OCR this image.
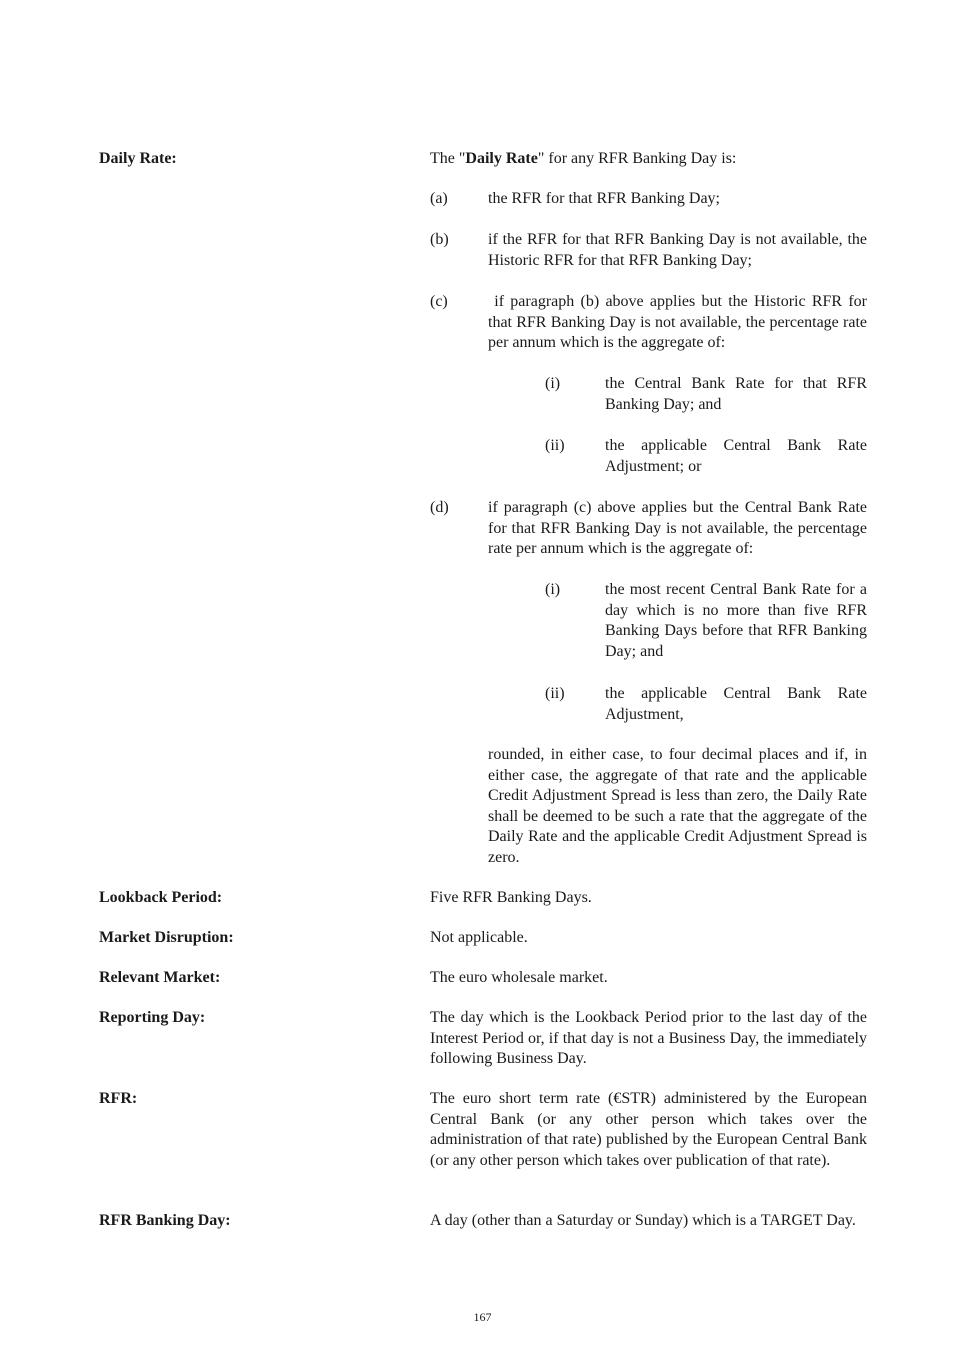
Daily Rate:	The "Daily Rate" for any RFR Banking Day is:
(a)	the RFR for that RFR Banking Day;
(b) if the RFR for that RFR Banking Day is not available, the Historic RFR for that RFR Banking Day;
(c)	if paragraph (b) above applies but the Historic RFR for that RFR Banking Day is not available, the percentage rate per annum which is the aggregate of:
(i)	the Central Bank Rate for that RFR Banking Day; and
(ii)	the applicable Central Bank Rate Adjustment; or
(d) if paragraph (c) above applies but the Central Bank Rate for that RFR Banking Day is not available, the percentage rate per annum which is the aggregate of:
(i)	the most recent Central Bank Rate for a day which is no more than five RFR Banking Days before that RFR Banking Day; and
(ii)	the applicable Central Bank Rate Adjustment,
rounded, in either case, to four decimal places and if, in either case, the aggregate of that rate and the applicable Credit Adjustment Spread is less than zero, the Daily Rate shall be deemed to be such a rate that the aggregate of the Daily Rate and the applicable Credit Adjustment Spread is zero.
Lookback Period:	Five RFR Banking Days.
Market Disruption:	Not applicable.
Relevant Market:	The euro wholesale market.
Reporting Day:	The day which is the Lookback Period prior to the last day of the Interest Period or, if that day is not a Business Day, the immediately following Business Day.
RFR:	The euro short term rate (€STR) administered by the European Central Bank (or any other person which takes over the administration of that rate) published by the European Central Bank (or any other person which takes over publication of that rate).
RFR Banking Day:	A day (other than a Saturday or Sunday) which is a TARGET Day.
167
